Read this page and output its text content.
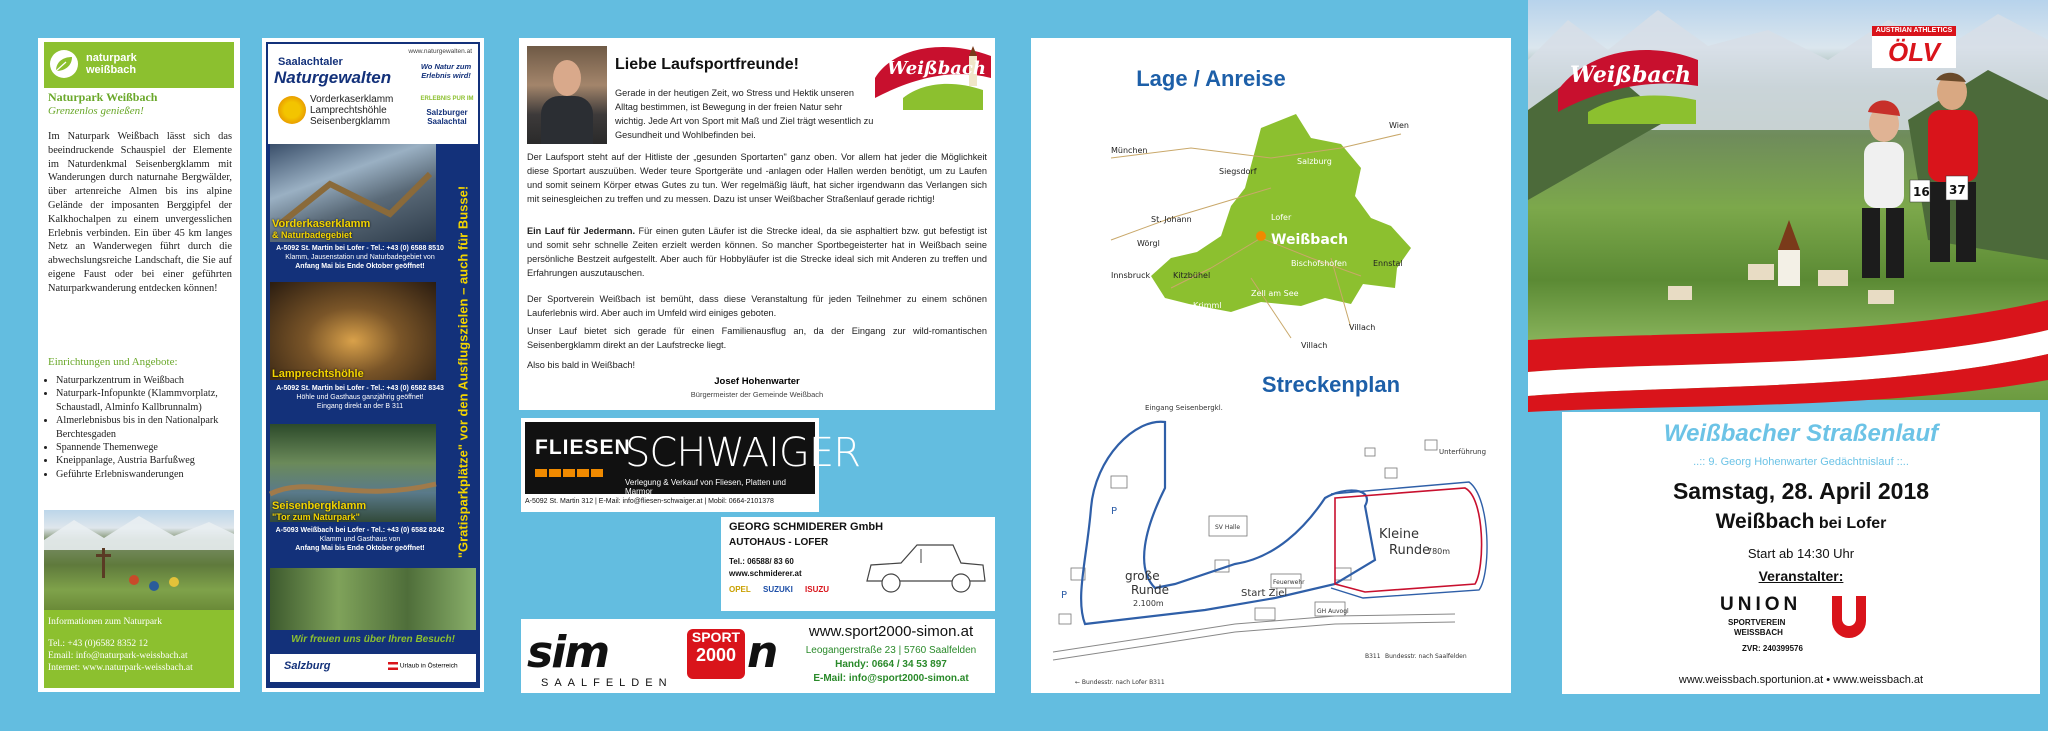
naturpark
weißbach
Naturpark Weißbach
Grenzenlos genießen!
Im Naturpark Weißbach lässt sich das beeindruckende Schauspiel der Elemente im Naturdenkmal Seisenbergklamm mit Wanderungen durch naturnahe Bergwälder, über artenreiche Almen bis ins alpine Gelände der imposanten Berggipfel der Kalkhochalpen zu einem unvergesslichen Erlebnis verbinden. Ein über 45 km langes Netz an Wanderwegen führt durch die abwechslungsreiche Landschaft, die Sie auf eigene Faust oder bei einer geführten Naturparkwanderung entdecken können!
Einrichtungen und Angebote:
• Naturparkzentrum in Weißbach
• Naturpark-Infopunkte (Klammvorplatz, Schaustadl, Alminfo Kallbrunnalm)
• Almerlebnisbus bis in den Nationalpark Berchtesgaden
• Spannende Themenwege
• Kneippanlage, Austria Barfußweg
• Geführte Erlebniswanderungen
Informationen zum Naturpark
Tel.: +43 (0)6582 8352 12
Email: info@naturpark-weissbach.at
Internet: www.naturpark-weissbach.at
www.naturgewalten.at
Saalachtaler
Naturgewalten
Wo Natur zum Erlebnis wird!
Vorderkaserklamm
Lamprechtshöhle
Seisenbergklamm
ERLEBNIS PUR IM
Salzburger Saalachtal
"Gratisparkplätze" vor den Ausflugszielen – auch für Busse!
Vorderkaserklamm
& Naturbadegebiet
A-5092 St. Martin bei Lofer - Tel.: +43 (0) 6588 8510
Klamm, Jausenstation und Naturbadegebiet von
Anfang Mai bis Ende Oktober geöffnet!
Lamprechtshöhle
A-5092 St. Martin bei Lofer - Tel.: +43 (0) 6582 8343
Höhle und Gasthaus ganzjährig geöffnet!
Eingang direkt an der B 311
Seisenbergklamm
"Tor zum Naturpark"
A-5093 Weißbach bei Lofer - Tel.: +43 (0) 6582 8242
Klamm und Gasthaus von
Anfang Mai bis Ende Oktober geöffnet!
Wir freuen uns über Ihren Besuch!
Salzburg	Urlaub in Österreich
Weißbach
Liebe Laufsportfreunde!
Gerade in der heutigen Zeit, wo Stress und Hektik unseren Alltag bestimmen, ist Bewegung in der freien Natur sehr wichtig. Jede Art von Sport mit Maß und Ziel trägt wesentlich zu Gesundheit und Wohlbefinden bei.
Der Laufsport steht auf der Hitliste der „gesunden Sportarten" ganz oben. Vor allem hat jeder die Möglichkeit diese Sportart auszuüben. Weder teure Sportgeräte und -anlagen oder Hallen werden benötigt, um zu Laufen und somit seinem Körper etwas Gutes zu tun. Wer regelmäßig läuft, hat sicher irgendwann das Verlangen sich mit seinesgleichen zu treffen und zu messen. Dazu ist unser Weißbacher Straßenlauf gerade richtig!
Ein Lauf für Jedermann. Für einen guten Läufer ist die Strecke ideal, da sie asphaltiert bzw. gut befestigt ist und somit sehr schnelle Zeiten erzielt werden können. So mancher Sportbegeisterter hat in Weißbach seine persönliche Bestzeit aufgestellt. Aber auch für Hobbyläufer ist die Strecke ideal sich mit Anderen zu treffen und Erfahrungen auszutauschen.
Der Sportverein Weißbach ist bemüht, dass diese Veranstaltung für jeden Teilnehmer zu einem schönen Lauferlebnis wird. Aber auch im Umfeld wird einiges geboten.
Unser Lauf bietet sich gerade für einen Familienausflug an, da der Eingang zur wild-romantischen Seisenbergklamm direkt an der Laufstrecke liegt.
Also bis bald in Weißbach!
Josef Hohenwarter
Bürgermeister der Gemeinde Weißbach
FLIESEN
SCHWAIGER
Verlegung & Verkauf von Fliesen, Platten und Marmor
A-5092 St. Martin 312 | E-Mail: info@fliesen-schwaiger.at | Mobil: 0664-2101378
GEORG SCHMIDERER GmbH
AUTOHAUS - LOFER
Tel.: 06588/ 83 60
www.schmiderer.at
OPEL SUZUKI ISUZU
sim	SPORT
2000 n
SAALFELDEN
www.sport2000-simon.at
Leogangerstraße 23 | 5760 Saalfelden
Handy: 0664 / 34 53 897
E-Mail: info@sport2000-simon.at
Lage / Anreise
München
Wien
Siegsdorf
Salzburg
St. Johann	Lofer
Weißbach
Wörgl
Bischofshofen	Ennstal
Innsbruck	Kitzbühel
Zell am See
Krimml
Villach
Villach
Streckenplan
Eingang Seisenbergkl.
Unterführung
Kleine
Runde
780m
große
Runde
2.100m
Start Ziel
GH Auvogl
SV Halle
Feuerwehr
B311 Bundesstr. nach Saalfelden
← Bundesstr. nach Lofer B311
P
P
16 37
Weißbach
AUSTRIAN ATHLETICS
ÖLV
Weißbacher Straßenlauf
..:: 9. Georg Hohenwarter Gedächtnislauf ::..
Samstag, 28. April 2018
Weißbach bei Lofer
Start ab 14:30 Uhr
Veranstalter:
UNION
SPORTVEREIN
WEISSBACH
ZVR: 240399576
www.weissbach.sportunion.at • www.weissbach.at
